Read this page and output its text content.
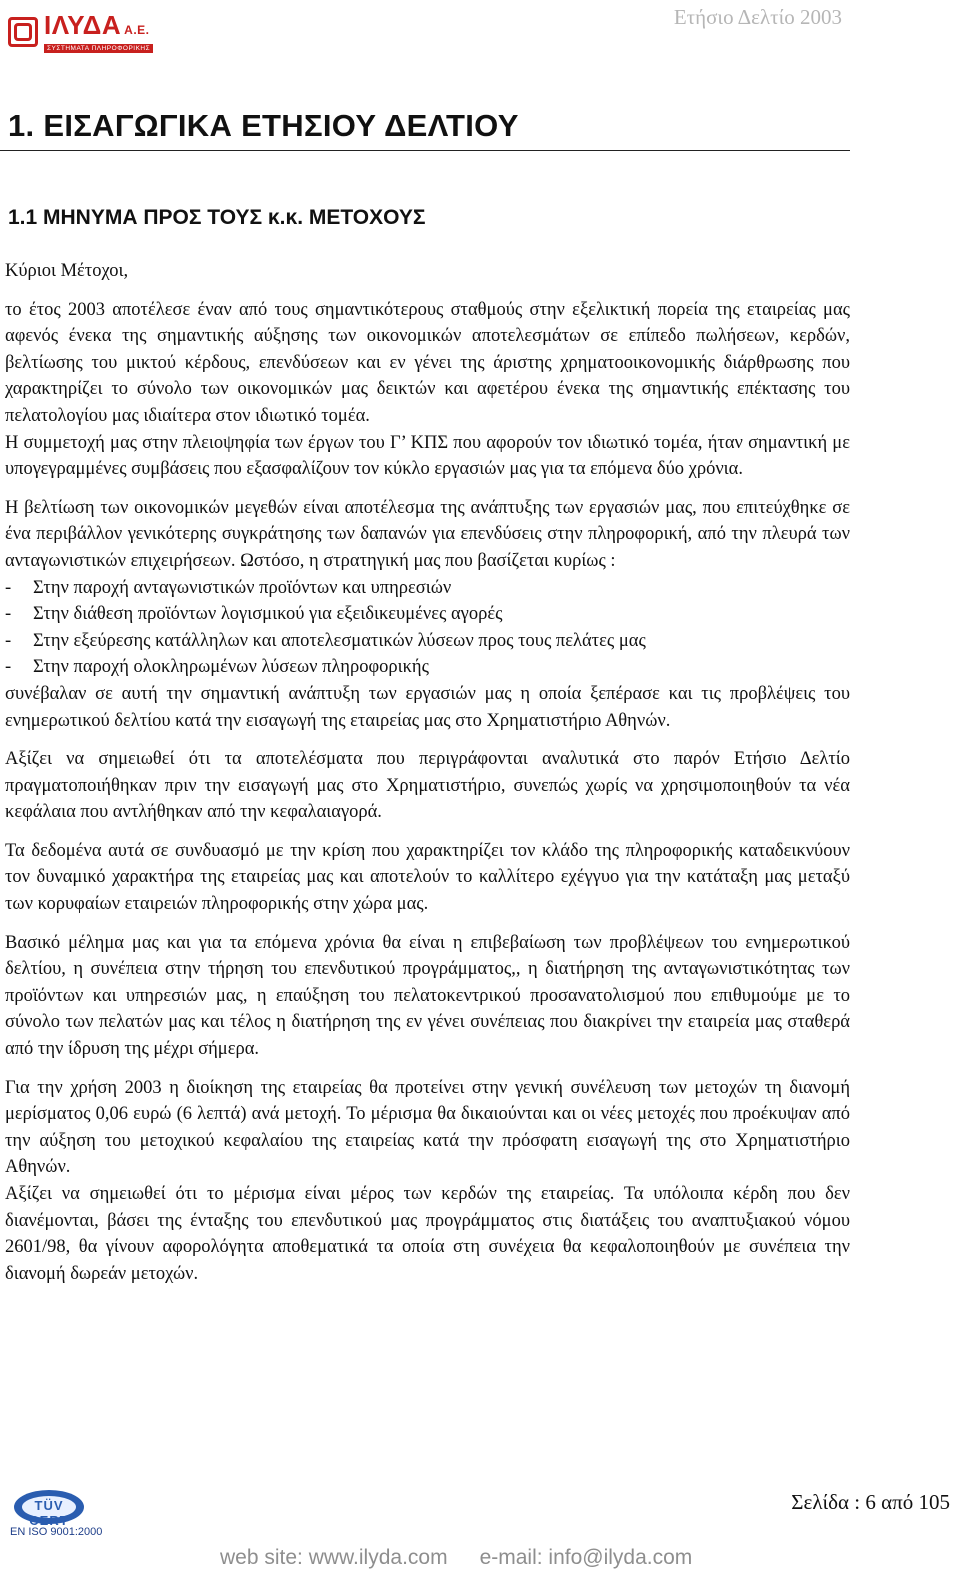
ΙΛΥΔΑ Α.Ε.
ΣΥΣΤΗΜΑΤΑ ΠΛΗΡΟΦΟΡΙΚΗΣ
Ετήσιο Δελτίο 2003
1. ΕΙΣΑΓΩΓΙΚΑ ΕΤΗΣΙΟΥ ΔΕΛΤΙΟΥ
1.1 ΜΗΝΥΜΑ ΠΡΟΣ ΤΟΥΣ κ.κ. ΜΕΤΟΧΟΥΣ

Κύριοι Μέτοχοι,

το έτος 2003 αποτέλεσε έναν από τους σημαντικότερους σταθμούς στην εξελικτική πορεία της εταιρείας μας αφενός ένεκα της σημαντικής αύξησης των οικονομικών αποτελεσμάτων σε επίπεδο πωλήσεων, κερδών, βελτίωσης του μικτού κέρδους, επενδύσεων και εν γένει της άριστης χρηματοοικονομικής διάρθρωσης που χαρακτηρίζει το σύνολο των οικονομικών μας δεικτών και αφετέρου ένεκα της σημαντικής επέκτασης του πελατολογίου μας ιδιαίτερα στον ιδιωτικό τομέα.

Η συμμετοχή μας στην πλειοψηφία των έργων του Γ’ ΚΠΣ που αφορούν τον ιδιωτικό τομέα, ήταν σημαντική με υπογεγραμμένες συμβάσεις που εξασφαλίζουν τον κύκλο εργασιών μας για τα επόμενα δύο χρόνια.

Η βελτίωση των οικονομικών μεγεθών είναι αποτέλεσμα της ανάπτυξης των εργασιών μας, που επιτεύχθηκε σε ένα περιβάλλον γενικότερης συγκράτησης των δαπανών για επενδύσεις στην πληροφορική, από την πλευρά των ανταγωνιστικών επιχειρήσεων. Ωστόσο, η στρατηγική μας που βασίζεται κυρίως :

-	Στην παροχή ανταγωνιστικών προϊόντων και υπηρεσιών
-	Στην διάθεση προϊόντων λογισμικού για εξειδικευμένες αγορές
-	Στην εξεύρεσης κατάλληλων και αποτελεσματικών λύσεων προς τους πελάτες μας
-	Στην παροχή ολοκληρωμένων λύσεων πληροφορικής

συνέβαλαν σε αυτή την σημαντική ανάπτυξη των εργασιών μας η οποία ξεπέρασε και τις προβλέψεις του ενημερωτικού δελτίου κατά την εισαγωγή της εταιρείας μας στο Χρηματιστήριο Αθηνών.

Αξίζει να σημειωθεί ότι τα αποτελέσματα που περιγράφονται αναλυτικά στο παρόν Ετήσιο Δελτίο πραγματοποιήθηκαν πριν την εισαγωγή μας στο Χρηματιστήριο, συνεπώς χωρίς να χρησιμοποιηθούν τα νέα κεφάλαια που αντλήθηκαν από την κεφαλαιαγορά.

Τα δεδομένα αυτά σε συνδυασμό με την κρίση που χαρακτηρίζει τον κλάδο της πληροφορικής καταδεικνύουν τον δυναμικό χαρακτήρα της εταιρείας μας και αποτελούν το καλλίτερο εχέγγυο για την κατάταξη μας μεταξύ των κορυφαίων εταιρειών πληροφορικής στην χώρα μας.

Βασικό μέλημα μας και για τα επόμενα χρόνια θα είναι η επιβεβαίωση των προβλέψεων του ενημερωτικού δελτίου, η συνέπεια στην τήρηση του επενδυτικού προγράμματος,, η διατήρηση της ανταγωνιστικότητας των προϊόντων και υπηρεσιών μας, η επαύξηση του πελατοκεντρικού προσανατολισμού που επιθυμούμε με το σύνολο των πελατών μας και τέλος η διατήρηση της εν γένει συνέπειας που διακρίνει την εταιρεία μας σταθερά από την ίδρυση της μέχρι σήμερα.

Για την χρήση 2003 η διοίκηση της εταιρείας θα προτείνει στην γενική συνέλευση των μετοχών τη διανομή μερίσματος 0,06 ευρώ (6 λεπτά) ανά μετοχή. Το μέρισμα θα δικαιούνται και οι νέες μετοχές που προέκυψαν από την αύξηση του μετοχικού κεφαλαίου της εταιρείας κατά την πρόσφατη εισαγωγή της στο Χρηματιστήριο Αθηνών.

Αξίζει να σημειωθεί ότι το μέρισμα είναι μέρος των κερδών της εταιρείας. Τα υπόλοιπα κέρδη που δεν διανέμονται, βάσει της ένταξης του επενδυτικού μας προγράμματος στις διατάξεις του αναπτυξιακού νόμου 2601/98, θα γίνουν αφορολόγητα αποθεματικά τα οποία στη συνέχεια θα κεφαλοποιηθούν με συνέπεια την διανομή δωρεάν μετοχών.

TÜV CERT
EN ISO 9001:2000
Σελίδα : 6 από 105
web site: www.ilyda.com e-mail: info@ilyda.com
